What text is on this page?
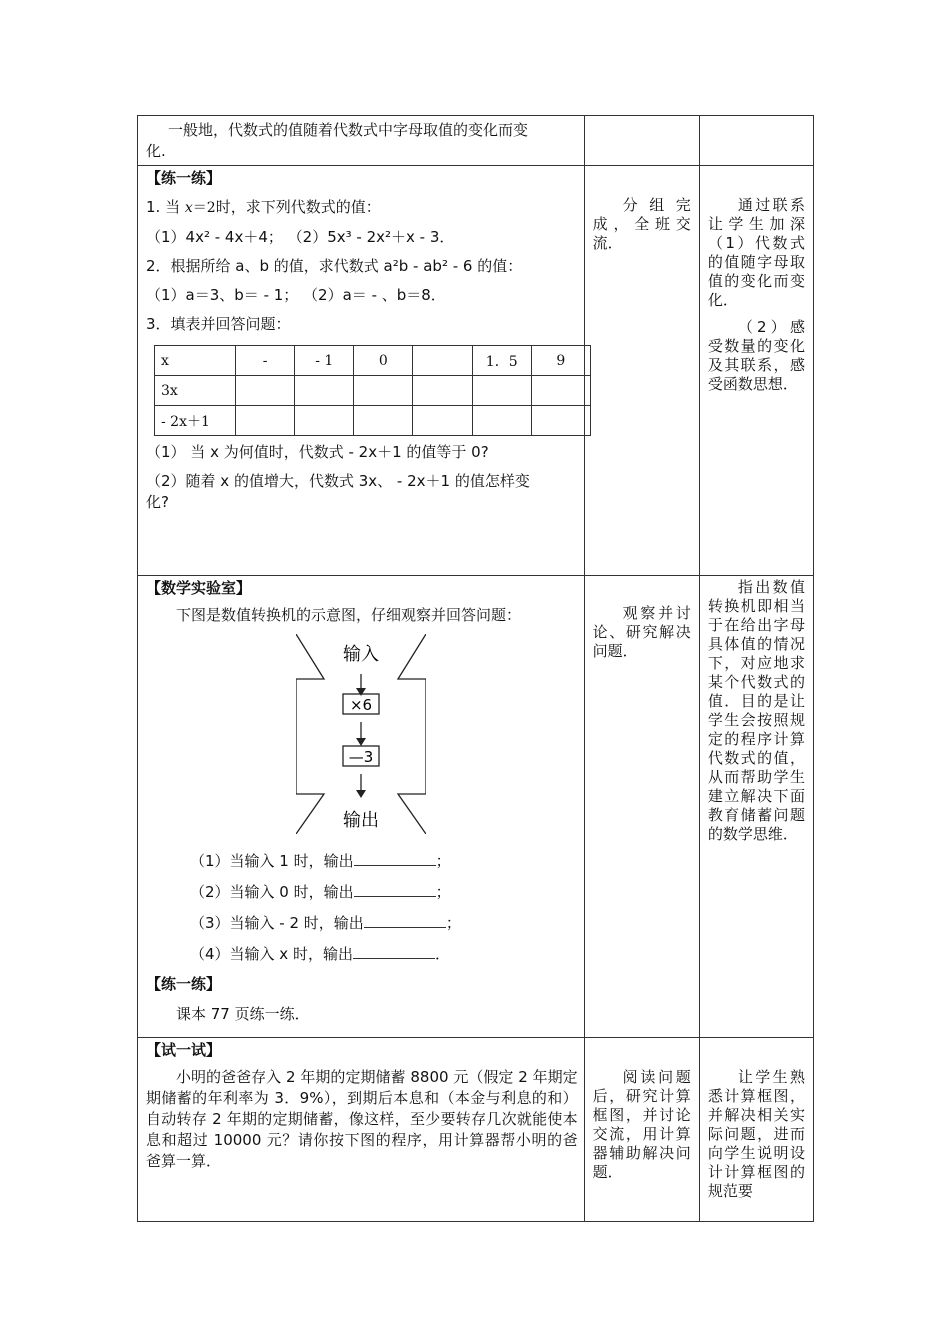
一般地，代数式的值随着代数式中字母取值的变化而变

化.

【练一练】

1. 当 x＝2时，求下列代数式的值：

（1）4x² - 4x＋4； （2）5x³ - 2x²＋x - 3．

2．根据所给 a、b 的值，求代数式 a²b - ab² - 6 的值：

（1）a＝3、b＝ - 1； （2）a＝ - 、b＝8．

3．填表并回答问题：

x	-	- 1	0		1．5	9
3x						
- 2x＋1						

（1） 当 x 为何值时，代数式 - 2x＋1 的值等于 0?

（2）随着 x 的值增大，代数式 3x、 - 2x＋1 的值怎样变

化?

分组完成，全班交流．

通过联系让学生加深（1）代数式的值随字母取值的变化而变化．

（2）感受数量的变化及其联系，感受函数思想．

【数学实验室】

下图是数值转换机的示意图，仔细观察并回答问题：

输入
×6
—3
输出

（1）当输入 1 时，输出	；

（2）当输入 0 时，输出	；

（3）当输入 - 2 时，输出	；

（4）当输入 x 时，输出	．

【练一练】

课本 77 页练一练．

观察并讨论、研究解决问题．

指出数值转换机即相当于在给出字母具体值的情况下，对应地求某个代数式的值．目的是让学生会按照规定的程序计算代数式的值，从而帮助学生建立解决下面教育储蓄问题的数学思维．

【试一试】

小明的爸爸存入 2 年期的定期储蓄 8800 元（假定 2 年期定期储蓄的年利率为 3．9%），到期后本息和（本金与利息的和）自动转存 2 年期的定期储蓄，像这样，至少要转存几次就能使本息和超过 10000 元？请你按下图的程序，用计算器帮小明的爸爸算一算．

阅读问题后，研究计算框图，并讨论交流，用计算器辅助解决问题．

让学生熟悉计算框图，并解决相关实际问题，进而向学生说明设计计算框图的规范要
